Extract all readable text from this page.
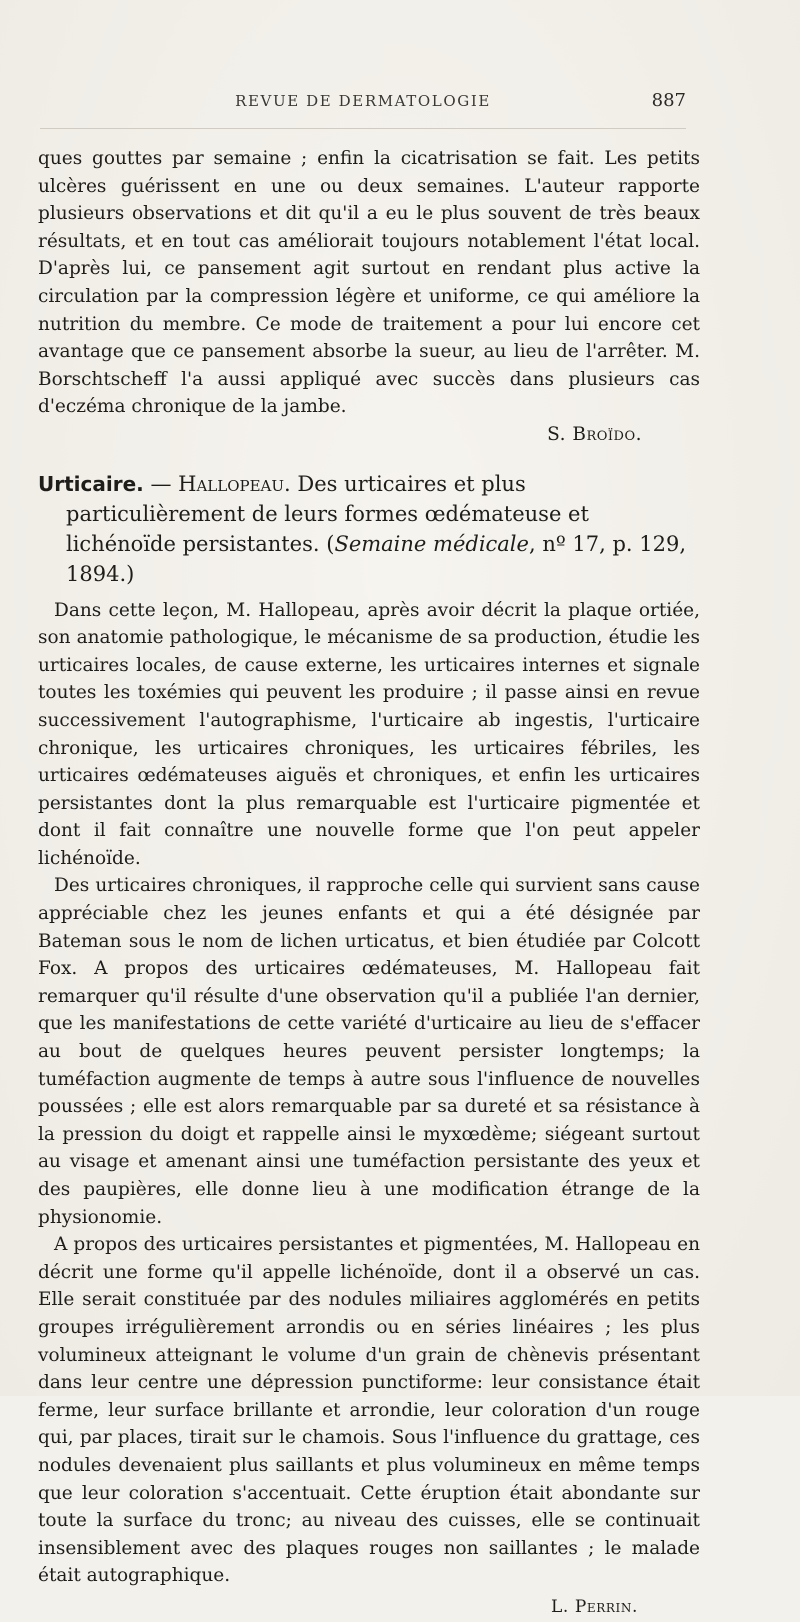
REVUE DE DERMATOLOGIE	887

ques gouttes par semaine ; enfin la cicatrisation se fait. Les petits ulcères guérissent en une ou deux semaines. L'auteur rapporte plusieurs observations et dit qu'il a eu le plus souvent de très beaux résultats, et en tout cas améliorait toujours notablement l'état local. D'après lui, ce pansement agit surtout en rendant plus active la circulation par la compression légère et uniforme, ce qui améliore la nutrition du membre. Ce mode de traitement a pour lui encore cet avantage que ce pansement absorbe la sueur, au lieu de l'arrêter. M. Borschtscheff l'a aussi appliqué avec succès dans plusieurs cas d'eczéma chronique de la jambe.

S. Broïdo.

Urticaire. — Hallopeau. Des urticaires et plus particulièrement de leurs formes œdémateuse et lichénoïde persistantes. (Semaine médicale, nº 17, p. 129, 1894.)

Dans cette leçon, M. Hallopeau, après avoir décrit la plaque ortiée, son anatomie pathologique, le mécanisme de sa production, étudie les urticaires locales, de cause externe, les urticaires internes et signale toutes les toxémies qui peuvent les produire ; il passe ainsi en revue successivement l'autographisme, l'urticaire ab ingestis, l'urticaire chronique, les urticaires chroniques, les urticaires fébriles, les urticaires œdémateuses aiguës et chroniques, et enfin les urticaires persistantes dont la plus remarquable est l'urticaire pigmentée et dont il fait connaître une nouvelle forme que l'on peut appeler lichénoïde.

Des urticaires chroniques, il rapproche celle qui survient sans cause appréciable chez les jeunes enfants et qui a été désignée par Bateman sous le nom de lichen urticatus, et bien étudiée par Colcott Fox. A propos des urticaires œdémateuses, M. Hallopeau fait remarquer qu'il résulte d'une observation qu'il a publiée l'an dernier, que les manifestations de cette variété d'urticaire au lieu de s'effacer au bout de quelques heures peuvent persister longtemps; la tuméfaction augmente de temps à autre sous l'influence de nouvelles poussées ; elle est alors remarquable par sa dureté et sa résistance à la pression du doigt et rappelle ainsi le myxœdème; siégeant surtout au visage et amenant ainsi une tuméfaction persistante des yeux et des paupières, elle donne lieu à une modification étrange de la physionomie.

A propos des urticaires persistantes et pigmentées, M. Hallopeau en décrit une forme qu'il appelle lichénoïde, dont il a observé un cas. Elle serait constituée par des nodules miliaires agglomérés en petits groupes irrégulièrement arrondis ou en séries linéaires ; les plus volumineux atteignant le volume d'un grain de chènevis présentant dans leur centre une dépression punctiforme: leur consistance était ferme, leur surface brillante et arrondie, leur coloration d'un rouge qui, par places, tirait sur le chamois. Sous l'influence du grattage, ces nodules devenaient plus saillants et plus volumineux en même temps que leur coloration s'accentuait. Cette éruption était abondante sur toute la surface du tronc; au niveau des cuisses, elle se continuait insensiblement avec des plaques rouges non saillantes ; le malade était autographique.

L. Perrin.
